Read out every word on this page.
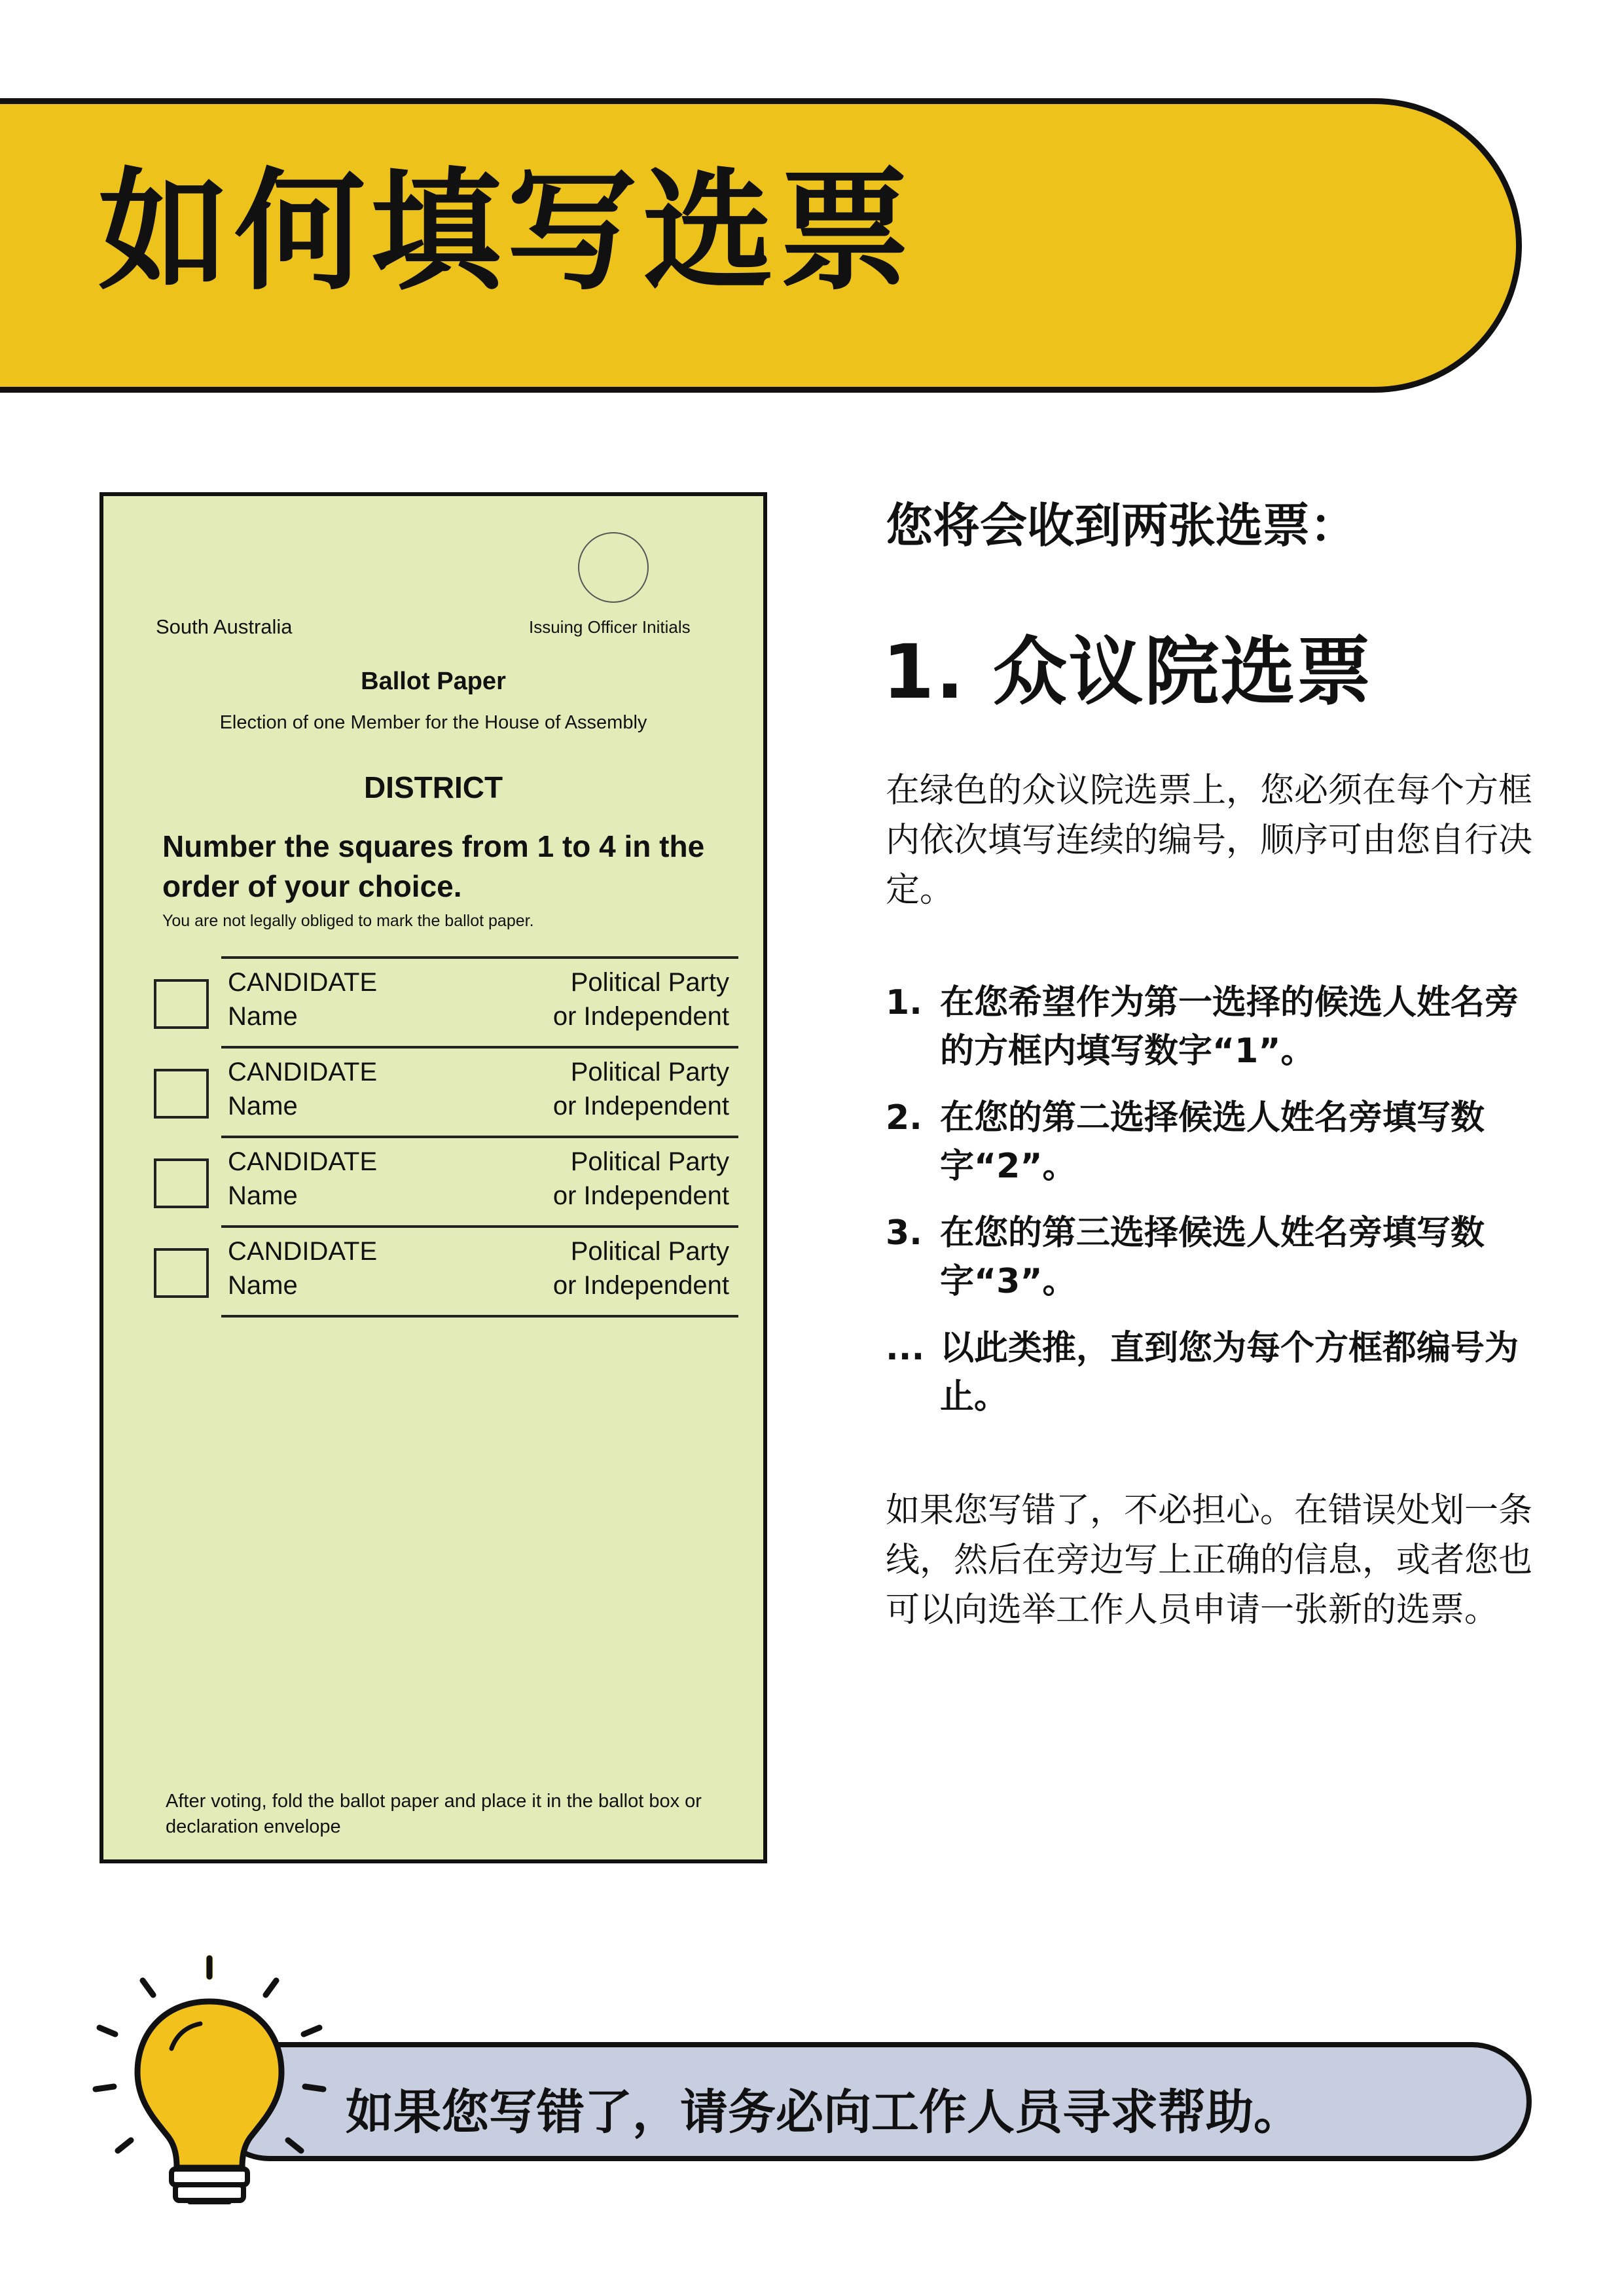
如何填写选票
South Australia	Issuing Officer Initials
Ballot Paper
Election of one Member for the House of Assembly
DISTRICT
Number the squares from 1 to 4 in the order of your choice.
You are not legally obliged to mark the ballot paper.
CANDIDATE
Name
Political Party
or Independent
CANDIDATE
Name
Political Party
or Independent
CANDIDATE
Name
Political Party
or Independent
CANDIDATE
Name
Political Party
or Independent
After voting, fold the ballot paper and place it in the ballot box or declaration envelope
您将会收到两张选票：
1. 众议院选票
在绿色的众议院选票上，您必须在每个方框内依次填写连续的编号，顺序可由您自行决定。
1. 在您希望作为第一选择的候选人姓名旁的方框内填写数字“1”。
2. 在您的第二选择候选人姓名旁填写数字“2”。
3. 在您的第三选择候选人姓名旁填写数字“3”。
... 以此类推，直到您为每个方框都编号为止。
如果您写错了，不必担心。在错误处划一条线，然后在旁边写上正确的信息，或者您也可以向选举工作人员申请一张新的选票。
如果您写错了，请务必向工作人员寻求帮助。
